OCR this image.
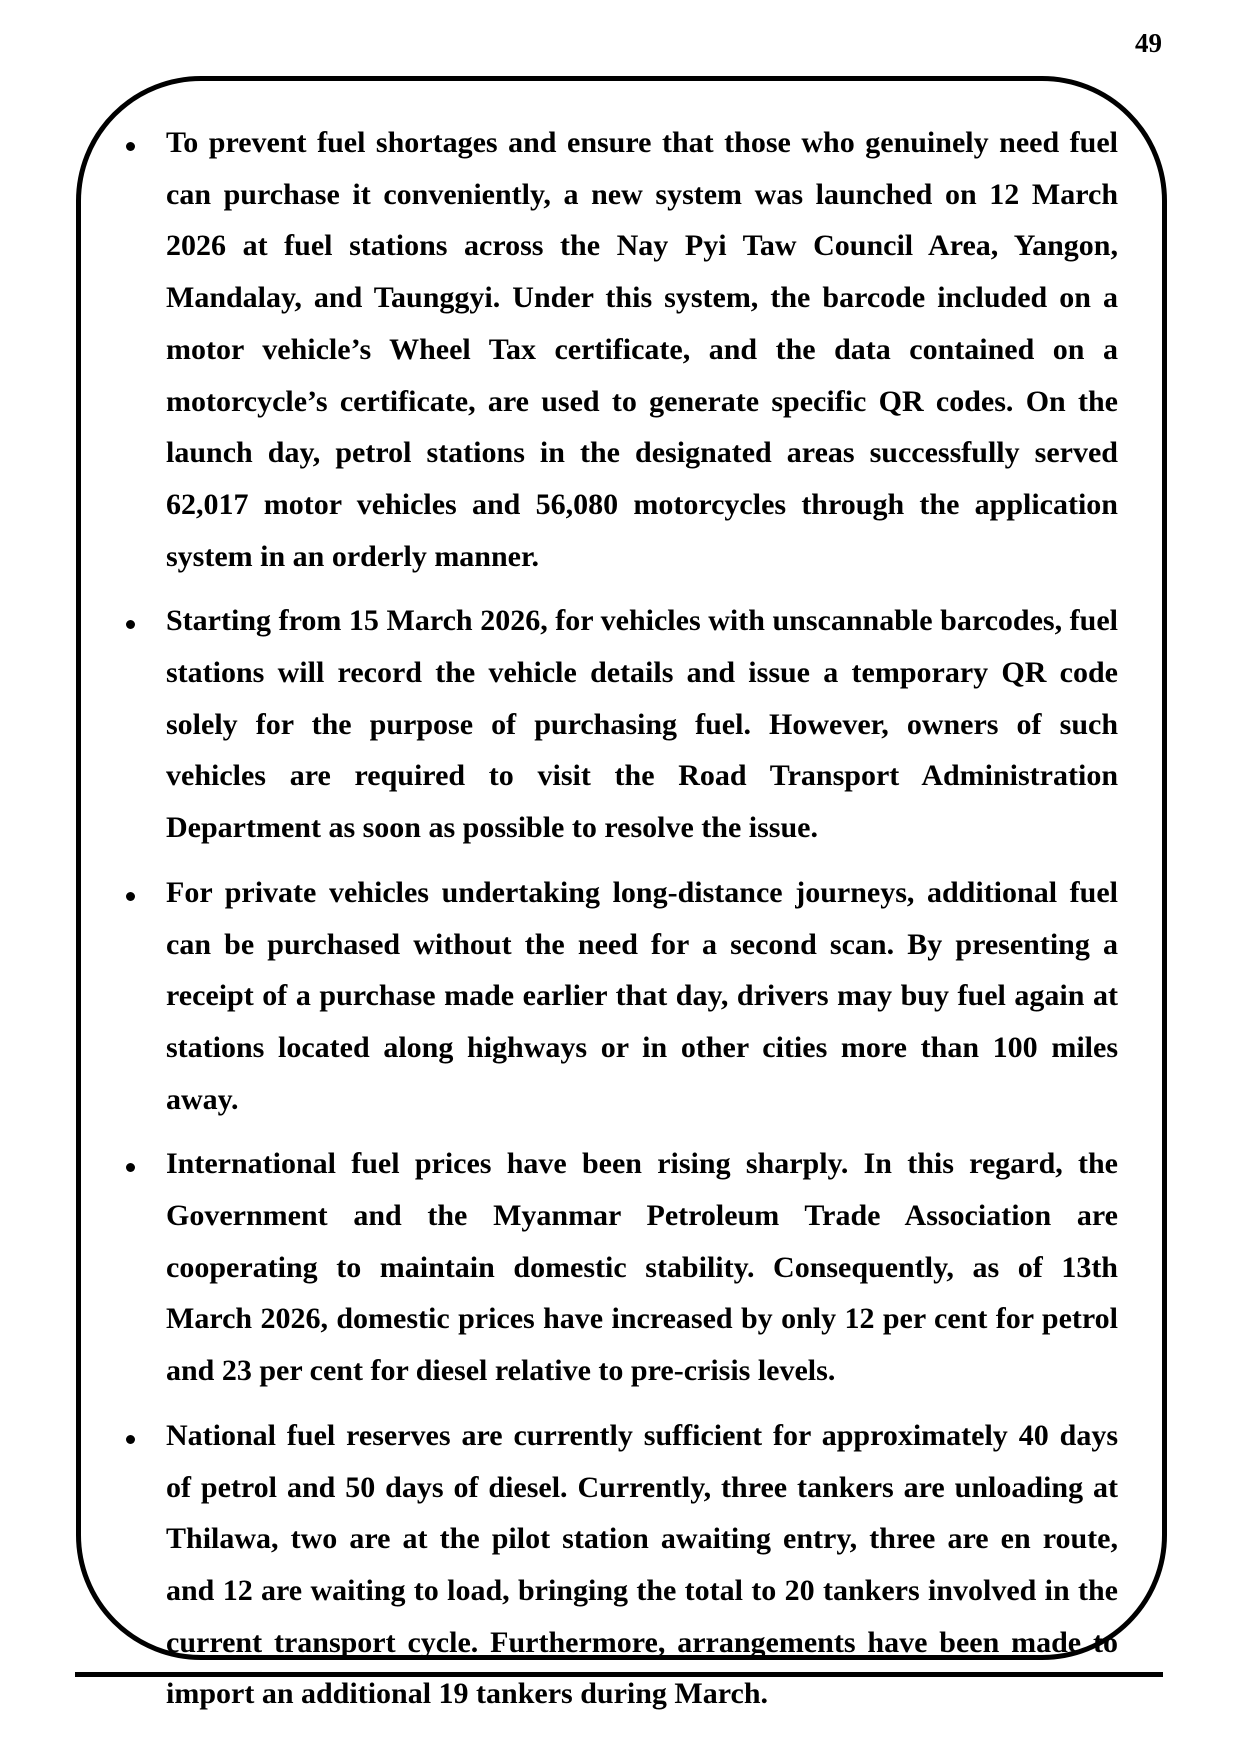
49
To prevent fuel shortages and ensure that those who genuinely need fuel can purchase it conveniently, a new system was launched on 12 March 2026 at fuel stations across the Nay Pyi Taw Council Area, Yangon, Mandalay, and Taunggyi. Under this system, the barcode included on a motor vehicle’s Wheel Tax certificate, and the data contained on a motorcycle’s certificate, are used to generate specific QR codes. On the launch day, petrol stations in the designated areas successfully served 62,017 motor vehicles and 56,080 motorcycles through the application system in an orderly manner.
Starting from 15 March 2026, for vehicles with unscannable barcodes, fuel stations will record the vehicle details and issue a temporary QR code solely for the purpose of purchasing fuel. However, owners of such vehicles are required to visit the Road Transport Administration Department as soon as possible to resolve the issue.
For private vehicles undertaking long-distance journeys, additional fuel can be purchased without the need for a second scan. By presenting a receipt of a purchase made earlier that day, drivers may buy fuel again at stations located along highways or in other cities more than 100 miles away.
International fuel prices have been rising sharply. In this regard, the Government and the Myanmar Petroleum Trade Association are cooperating to maintain domestic stability. Consequently, as of 13th March 2026, domestic prices have increased by only 12 per cent for petrol and 23 per cent for diesel relative to pre-crisis levels.
National fuel reserves are currently sufficient for approximately 40 days of petrol and 50 days of diesel. Currently, three tankers are unloading at Thilawa, two are at the pilot station awaiting entry, three are en route, and 12 are waiting to load, bringing the total to 20 tankers involved in the current transport cycle. Furthermore, arrangements have been made to import an additional 19 tankers during March.
